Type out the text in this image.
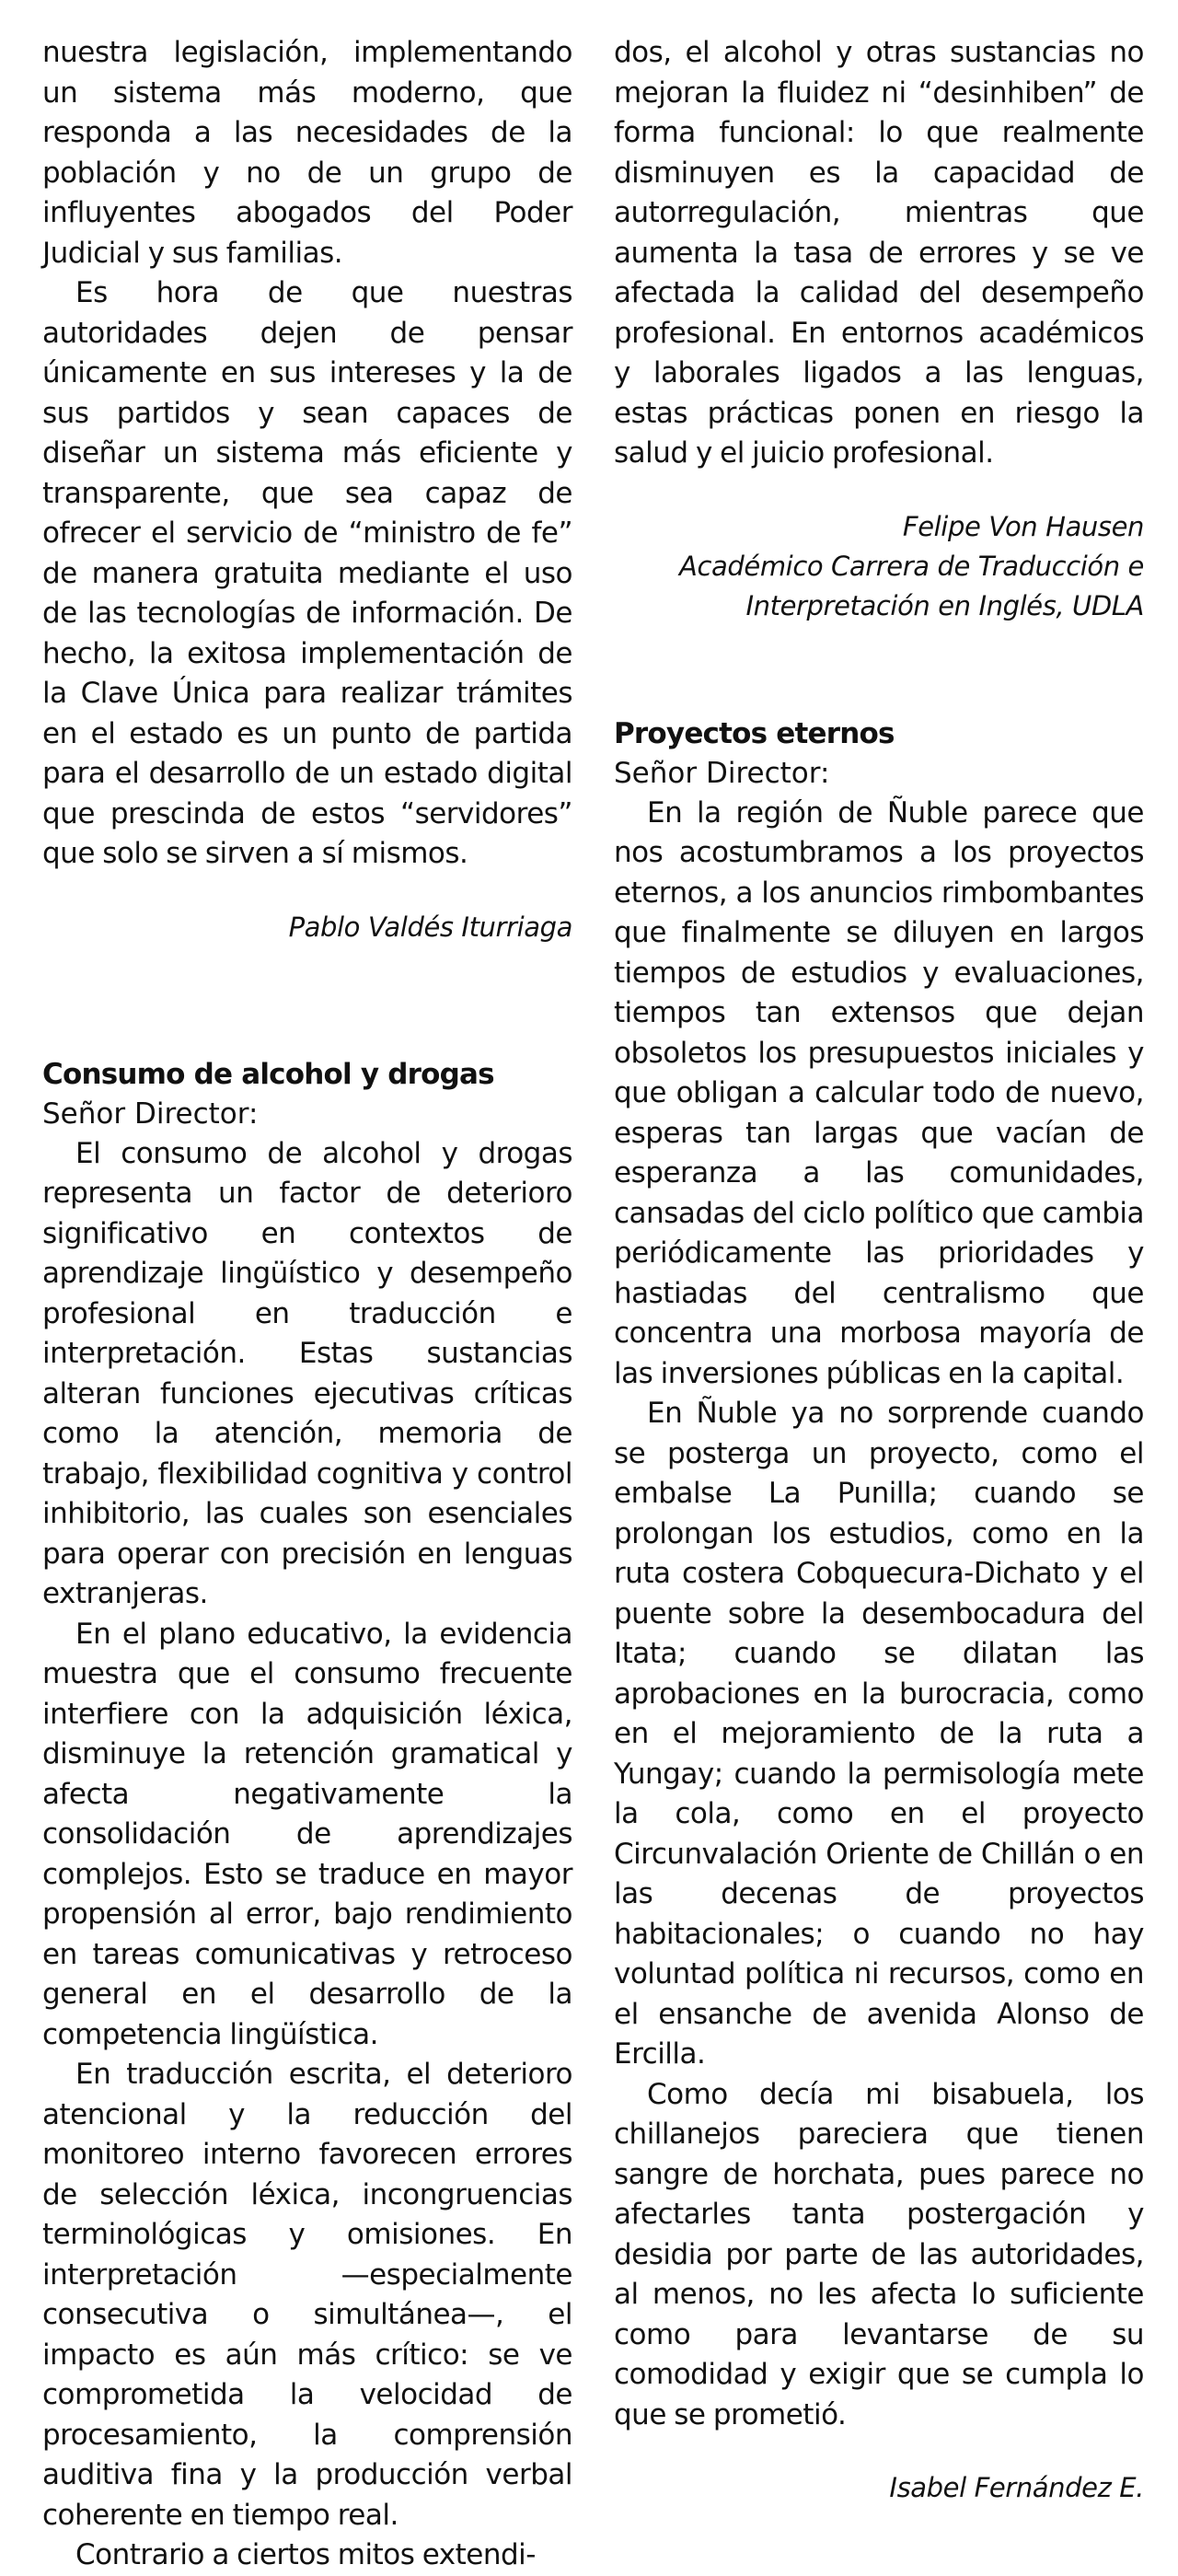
nuestra legislación, implementando un sistema más moderno, que responda a las necesidades de la población y no de un grupo de influyentes abogados del Poder Judicial y sus familias.

Es hora de que nuestras autoridades dejen de pensar únicamente en sus intereses y la de sus partidos y sean capaces de diseñar un sistema más eficiente y transparente, que sea capaz de ofrecer el servicio de “ministro de fe” de manera gratuita mediante el uso de las tecnologías de información. De hecho, la exitosa implementación de la Clave Única para realizar trámites en el estado es un punto de partida para el desarrollo de un estado digital que prescinda de estos “servidores” que solo se sirven a sí mismos.

Pablo Valdés Iturriaga

Consumo de alcohol y drogas

Señor Director:

El consumo de alcohol y drogas representa un factor de deterioro significativo en contextos de aprendizaje lingüístico y desempeño profesional en traducción e interpretación. Estas sustancias alteran funciones ejecutivas críticas como la atención, memoria de trabajo, flexibilidad cognitiva y control inhibitorio, las cuales son esenciales para operar con precisión en lenguas extranjeras.

En el plano educativo, la evidencia muestra que el consumo frecuente interfiere con la adquisición léxica, disminuye la retención gramatical y afecta negativamente la consolidación de aprendizajes complejos. Esto se traduce en mayor propensión al error, bajo rendimiento en tareas comunicativas y retroceso general en el desarrollo de la competencia lingüística.

En traducción escrita, el deterioro atencional y la reducción del monitoreo interno favorecen errores de selección léxica, incongruencias terminológicas y omisiones. En interpretación —especialmente consecutiva o simultánea—, el impacto es aún más crítico: se ve comprometida la velocidad de procesamiento, la comprensión auditiva fina y la producción verbal coherente en tiempo real.

Contrario a ciertos mitos extendi-

dos, el alcohol y otras sustancias no mejoran la fluidez ni “desinhiben” de forma funcional: lo que realmente disminuyen es la capacidad de autorregulación, mientras que aumenta la tasa de errores y se ve afectada la calidad del desempeño profesional. En entornos académicos y laborales ligados a las lenguas, estas prácticas ponen en riesgo la salud y el juicio profesional.

Felipe Von Hausen

Académico Carrera de Traducción e

Interpretación en Inglés, UDLA

Proyectos eternos

Señor Director:

En la región de Ñuble parece que nos acostumbramos a los proyectos eternos, a los anuncios rimbombantes que finalmente se diluyen en largos tiempos de estudios y evaluaciones, tiempos tan extensos que dejan obsoletos los presupuestos iniciales y que obligan a calcular todo de nuevo, esperas tan largas que vacían de esperanza a las comunidades, cansadas del ciclo político que cambia periódicamente las prioridades y hastiadas del centralismo que concentra una morbosa mayoría de las inversiones públicas en la capital.

En Ñuble ya no sorprende cuando se posterga un proyecto, como el embalse La Punilla; cuando se prolongan los estudios, como en la ruta costera Cobquecura-Dichato y el puente sobre la desembocadura del Itata; cuando se dilatan las aprobaciones en la burocracia, como en el mejoramiento de la ruta a Yungay; cuando la permisología mete la cola, como en el proyecto Circunvalación Oriente de Chillán o en las decenas de proyectos habitacionales; o cuando no hay voluntad política ni recursos, como en el ensanche de avenida Alonso de Ercilla.

Como decía mi bisabuela, los chillanejos pareciera que tienen sangre de horchata, pues parece no afectarles tanta postergación y desidia por parte de las autoridades, al menos, no les afecta lo suficiente como para levantarse de su comodidad y exigir que se cumpla lo que se prometió.

Isabel Fernández E.
